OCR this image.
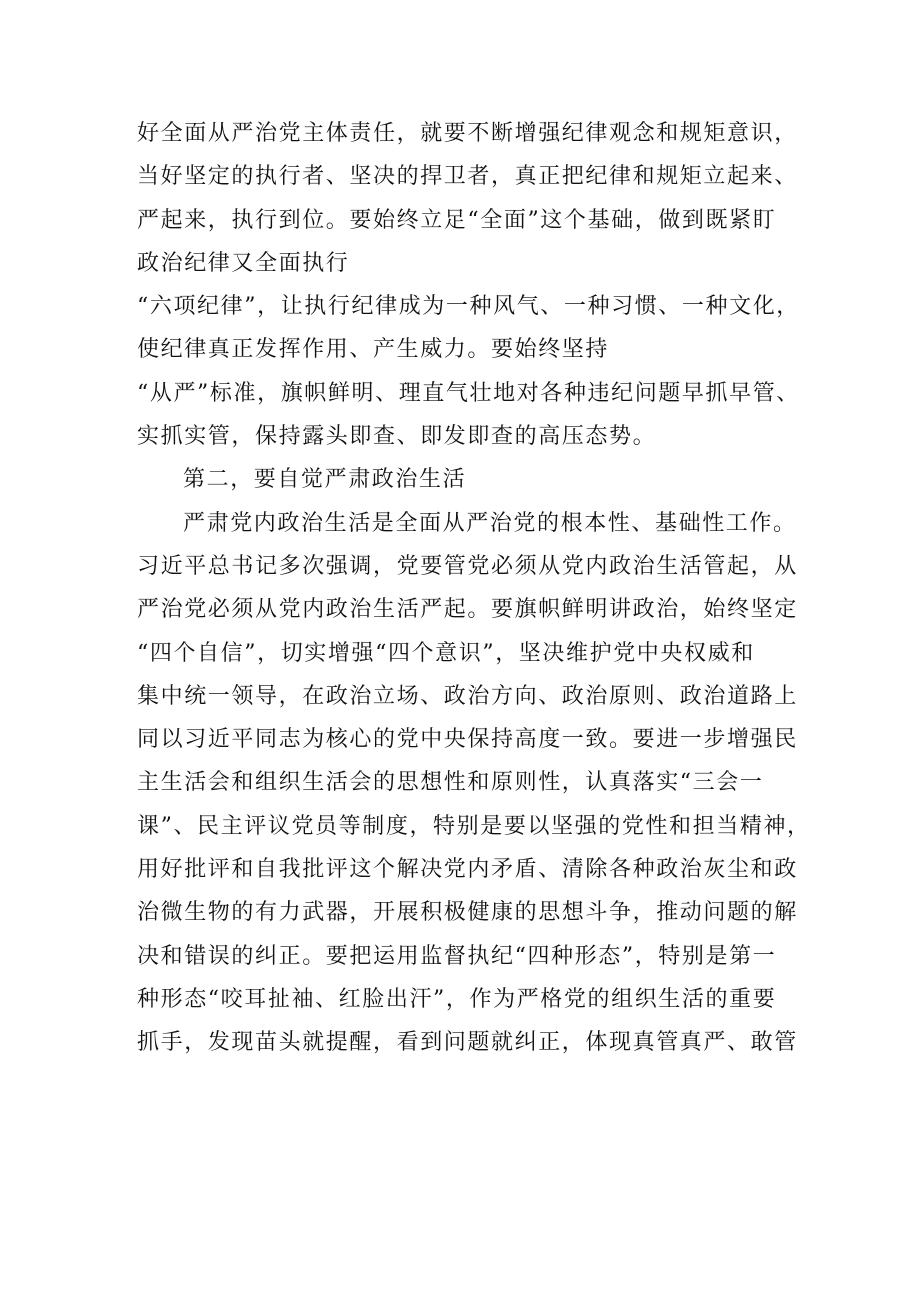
好全面从严治党主体责任，就要不断增强纪律观念和规矩意识，
当好坚定的执行者、坚决的捍卫者，真正把纪律和规矩立起来、
严起来，执行到位。要始终立足“全面”这个基础，做到既紧盯
政治纪律又全面执行
“六项纪律”，让执行纪律成为一种风气、一种习惯、一种文化，
使纪律真正发挥作用、产生威力。要始终坚持
“从严”标准，旗帜鲜明、理直气壮地对各种违纪问题早抓早管、
实抓实管，保持露头即查、即发即查的高压态势。
第二，要自觉严肃政治生活
严肃党内政治生活是全面从严治党的根本性、基础性工作。
习近平总书记多次强调，党要管党必须从党内政治生活管起，从
严治党必须从党内政治生活严起。要旗帜鲜明讲政治，始终坚定
“四个自信”，切实增强“四个意识”，坚决维护党中央权威和
集中统一领导，在政治立场、政治方向、政治原则、政治道路上
同以习近平同志为核心的党中央保持高度一致。要进一步增强民
主生活会和组织生活会的思想性和原则性，认真落实“三会一
课”、民主评议党员等制度，特别是要以坚强的党性和担当精神，
用好批评和自我批评这个解决党内矛盾、清除各种政治灰尘和政
治微生物的有力武器，开展积极健康的思想斗争，推动问题的解
决和错误的纠正。要把运用监督执纪“四种形态”，特别是第一
种形态“咬耳扯袖、红脸出汗”，作为严格党的组织生活的重要
抓手，发现苗头就提醒，看到问题就纠正，体现真管真严、敢管
